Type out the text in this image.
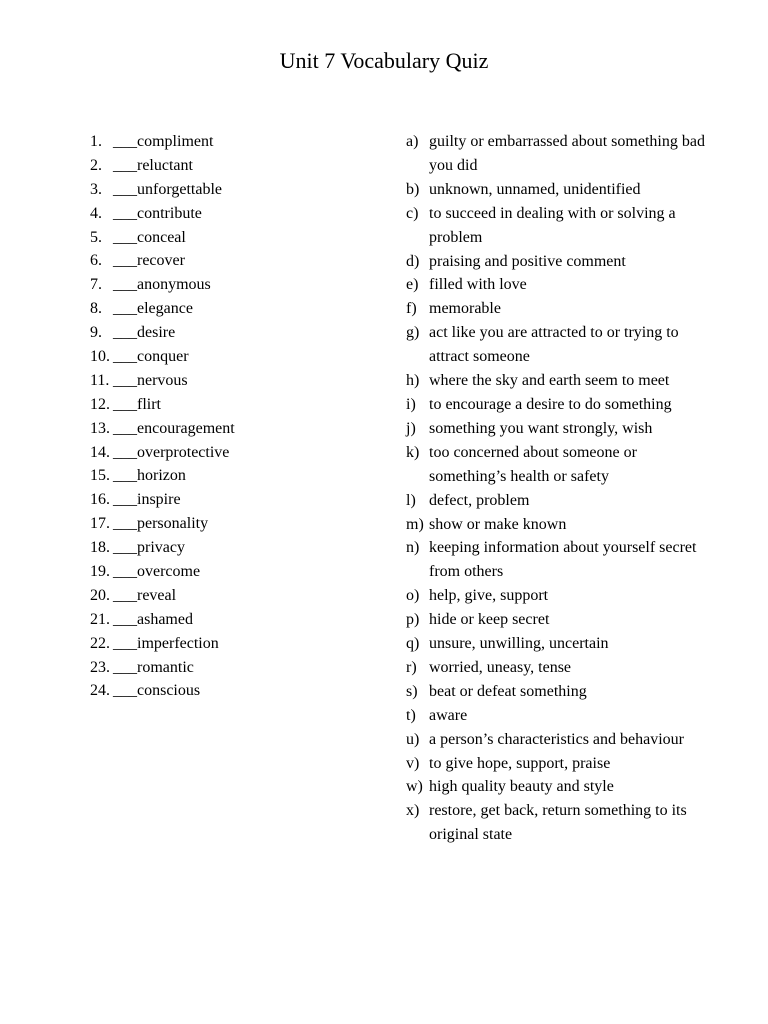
Unit 7 Vocabulary Quiz
1. ___ compliment
2. ___ reluctant
3. ___ unforgettable
4. ___ contribute
5. ___ conceal
6. ___ recover
7. ___ anonymous
8. ___ elegance
9. ___ desire
10. ___ conquer
11. ___ nervous
12. ___ flirt
13. ___ encouragement
14. ___ overprotective
15. ___ horizon
16. ___ inspire
17. ___ personality
18. ___ privacy
19. ___ overcome
20. ___ reveal
21. ___ ashamed
22. ___ imperfection
23. ___ romantic
24. ___ conscious
a) guilty or embarrassed about something bad you did
b) unknown, unnamed, unidentified
c) to succeed in dealing with or solving a problem
d) praising and positive comment
e) filled with love
f) memorable
g) act like you are attracted to or trying to attract someone
h) where the sky and earth seem to meet
i) to encourage a desire to do something
j) something you want strongly, wish
k) too concerned about someone or something’s health or safety
l) defect, problem
m) show or make known
n) keeping information about yourself secret from others
o) help, give, support
p) hide or keep secret
q) unsure, unwilling, uncertain
r) worried, uneasy, tense
s) beat or defeat something
t) aware
u) a person’s characteristics and behaviour
v) to give hope, support, praise
w) high quality beauty and style
x) restore, get back, return something to its original state
